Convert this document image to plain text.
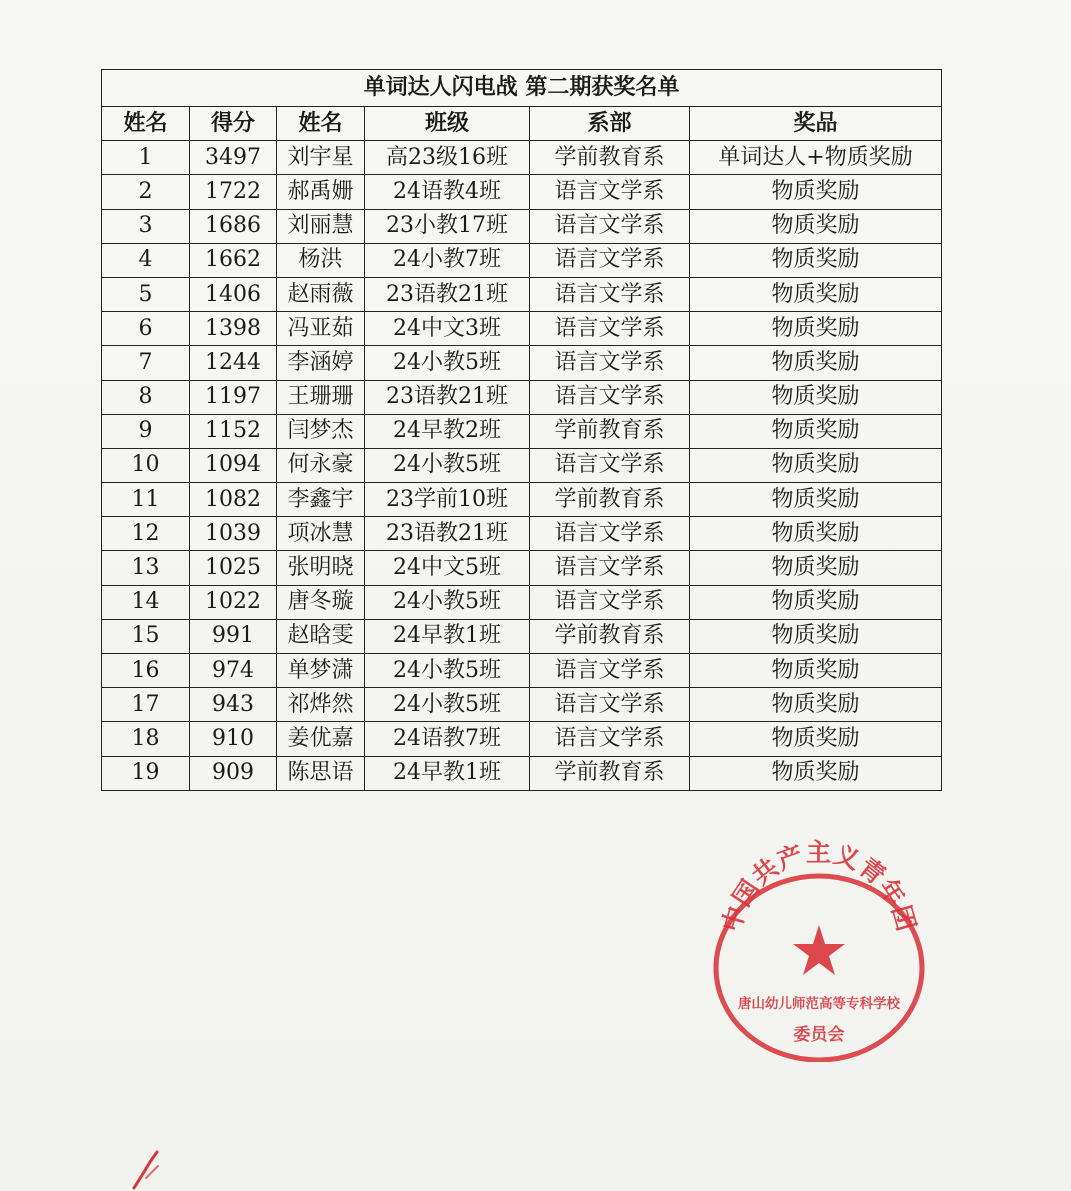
单词达人闪电战 第二期获奖名单
姓名	得分	姓名	班级	系部	奖品
1	3497	刘宇星	高23级16班	学前教育系	单词达人+物质奖励
2	1722	郝禹姗	24语教4班	语言文学系	物质奖励
3	1686	刘丽慧	23小教17班	语言文学系	物质奖励
4	1662	杨洪	24小教7班	语言文学系	物质奖励
5	1406	赵雨薇	23语教21班	语言文学系	物质奖励
6	1398	冯亚茹	24中文3班	语言文学系	物质奖励
7	1244	李涵婷	24小教5班	语言文学系	物质奖励
8	1197	王珊珊	23语教21班	语言文学系	物质奖励
9	1152	闫梦杰	24早教2班	学前教育系	物质奖励
10	1094	何永豪	24小教5班	语言文学系	物质奖励
11	1082	李鑫宇	23学前10班	学前教育系	物质奖励
12	1039	项冰慧	23语教21班	语言文学系	物质奖励
13	1025	张明晓	24中文5班	语言文学系	物质奖励
14	1022	唐冬璇	24小教5班	语言文学系	物质奖励
15	991	赵晗雯	24早教1班	学前教育系	物质奖励
16	974	单梦潇	24小教5班	语言文学系	物质奖励
17	943	祁烨然	24小教5班	语言文学系	物质奖励
18	910	姜优嘉	24语教7班	语言文学系	物质奖励
19	909	陈思语	24早教1班	学前教育系	物质奖励
中国共产主义青年团
唐山幼儿师范高等专科学校
委员会
